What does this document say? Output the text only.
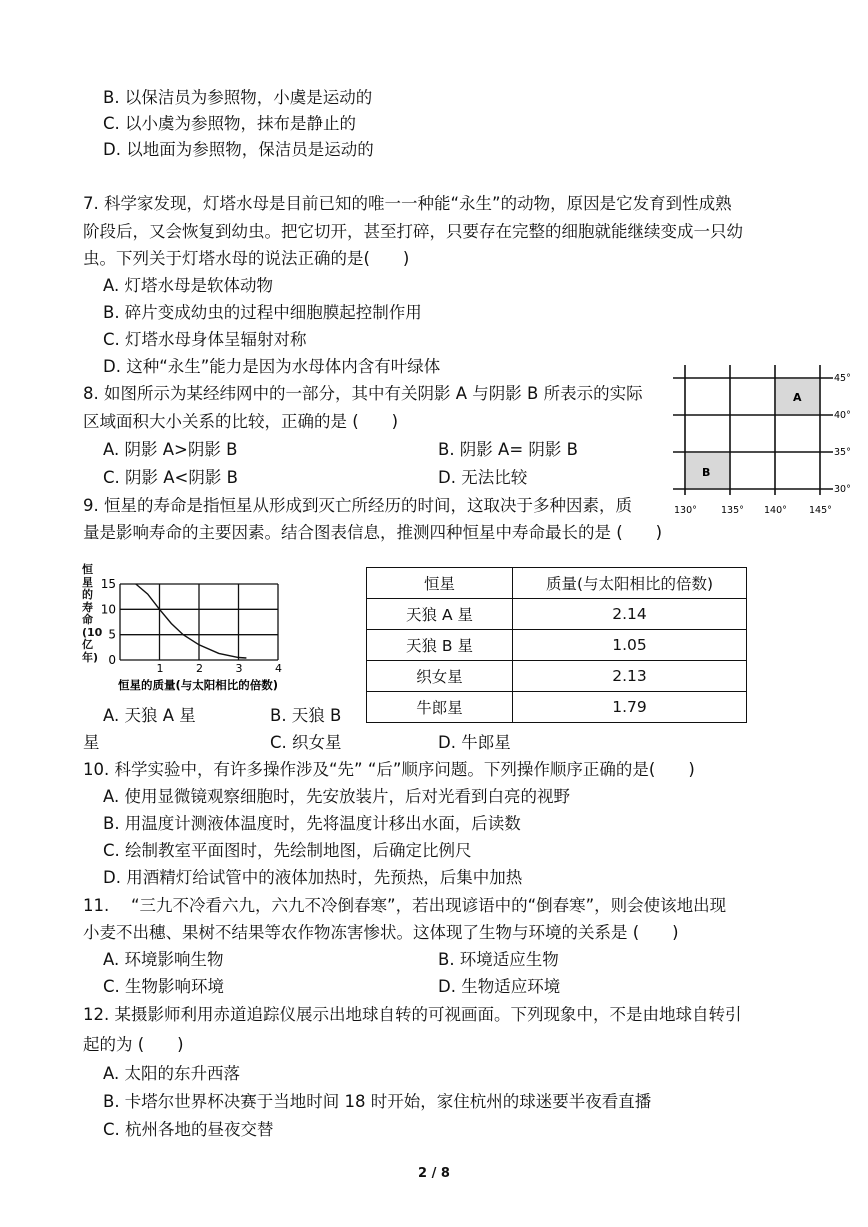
B. 以保洁员为参照物，小虞是运动的
C. 以小虞为参照物，抹布是静止的
D. 以地面为参照物，保洁员是运动的
7. 科学家发现，灯塔水母是目前已知的唯一一种能“永生”的动物，原因是它发育到性成熟
阶段后，又会恢复到幼虫。把它切开，甚至打碎，只要存在完整的细胞就能继续变成一只幼
虫。下列关于灯塔水母的说法正确的是(　　)
A. 灯塔水母是软体动物
B. 碎片变成幼虫的过程中细胞膜起控制作用
C. 灯塔水母身体呈辐射对称
D. 这种“永生”能力是因为水母体内含有叶绿体
8. 如图所示为某经纬网中的一部分，其中有关阴影 A 与阴影 B 所表示的实际
区域面积大小关系的比较，正确的是 (　　)
A. 阴影 A>阴影 B	B. 阴影 A= 阴影 B
C. 阴影 A<阴影 B	D. 无法比较
A
B
45°
40°
35°
30°
130°	135° 140° 145°
9. 恒星的寿命是指恒星从形成到灭亡所经历的时间，这取决于多种因素，质
量是影响寿命的主要因素。结合图表信息，推测四种恒星中寿命最长的是 (　　)
恒
星
的
寿
命
(10
亿
年) 0
5
10
15
1	2	3	4
恒星的质量(与太阳相比的倍数)
恒星	质量(与太阳相比的倍数)
天狼 A 星	2.14
天狼 B 星	1.05
织女星	2.13
牛郎星	1.79
A. 天狼 A 星	B. 天狼 B
星	C. 织女星	D. 牛郎星
10. 科学实验中，有许多操作涉及“先” “后”顺序问题。下列操作顺序正确的是(　　)
A. 使用显微镜观察细胞时，先安放装片，后对光看到白亮的视野
B. 用温度计测液体温度时，先将温度计移出水面，后读数
C. 绘制教室平面图时，先绘制地图，后确定比例尺
D. 用酒精灯给试管中的液体加热时，先预热，后集中加热
11. 　“三九不冷看六九，六九不冷倒春寒”，若出现谚语中的“倒春寒”，则会使该地出现
小麦不出穗、果树不结果等农作物冻害惨状。这体现了生物与环境的关系是 (　　)
A. 环境影响生物	B. 环境适应生物
C. 生物影响环境	D. 生物适应环境
12. 某摄影师利用赤道追踪仪展示出地球自转的可视画面。下列现象中，不是由地球自转引
起的为 (　　)
A. 太阳的东升西落
B. 卡塔尔世界杯决赛于当地时间 18 时开始，家住杭州的球迷要半夜看直播
C. 杭州各地的昼夜交替
2 / 8
